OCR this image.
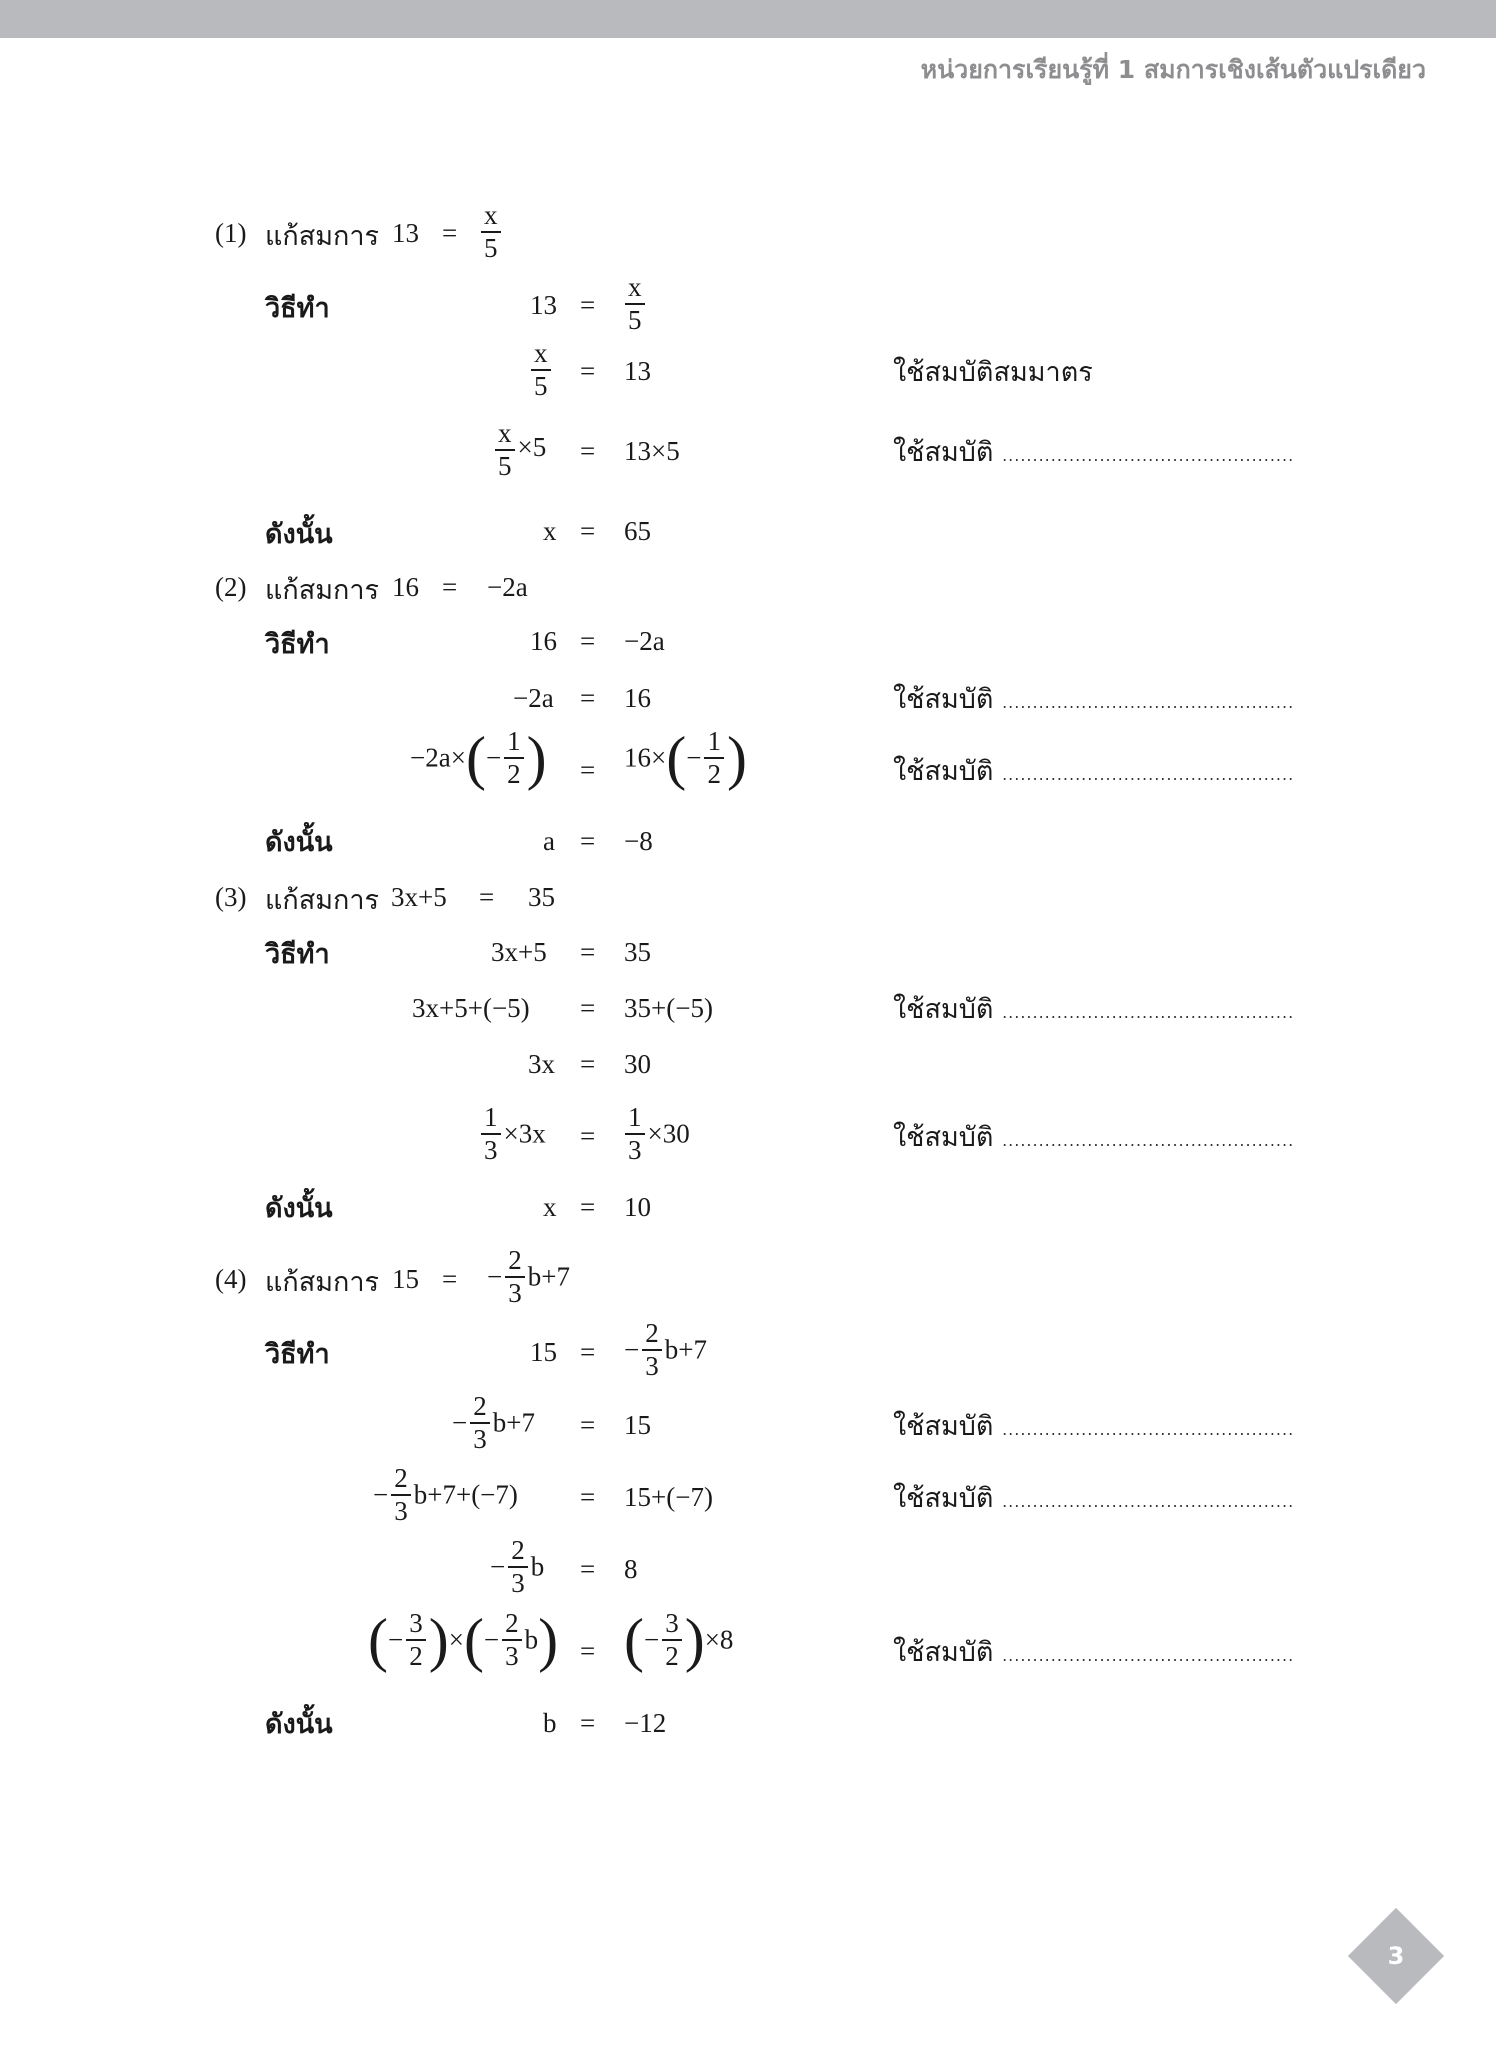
หน่วยการเรียนรู้ที่ 1 สมการเชิงเส้นตัวแปรเดียว
(1) แก้สมการ $13 = \frac{x}{5}$
วิธีทำ	$13 = \frac{x}{5}$
$\frac{x}{5} = 13$	ใช้สมบัติสมมาตร
$\frac{x}{5} \times 5 = 13\times 5$	ใช้สมบัติ ................................................
ดังนั้น	x = 65
(2) แก้สมการ 16 = −2a
วิธีทำ	16 = −2a
−2a = 16	ใช้สมบัติ ................................................
$-2a\times(- \frac{1}{2}$ ) = $16\times(- \frac{1}{2}$ )	ใช้สมบัติ ................................................
ดังนั้น	a = −8
(3) แก้สมการ 3x+5 = 35
วิธีทำ	3x+5 = 35
3x+5+(−5) = 35+(−5)	ใช้สมบัติ ................................................
3x = 30
$\frac{1}{3} \times 3x = \frac{1}{3} \times 30$	ใช้สมบัติ ................................................
ดังนั้น	x = 10
(4) แก้สมการ 15 = − $\frac{2}{3} b+7$
วิธีทำ	15 = − $\frac{2}{3} b+7$
− $\frac{2}{3} b+7 = 15$	ใช้สมบัติ ................................................
− $\frac{2}{3} b+7+(-7) = 15+(-7)$	ใช้สมบัติ ................................................
− $\frac{2}{3}$ b = 8
(− $\frac{3}{2}$ )×(− $\frac{2}{3} b$) = (− $\frac{3}{2} )\times 8$	ใช้สมบัติ ................................................
ดังนั้น	b = −12
3
